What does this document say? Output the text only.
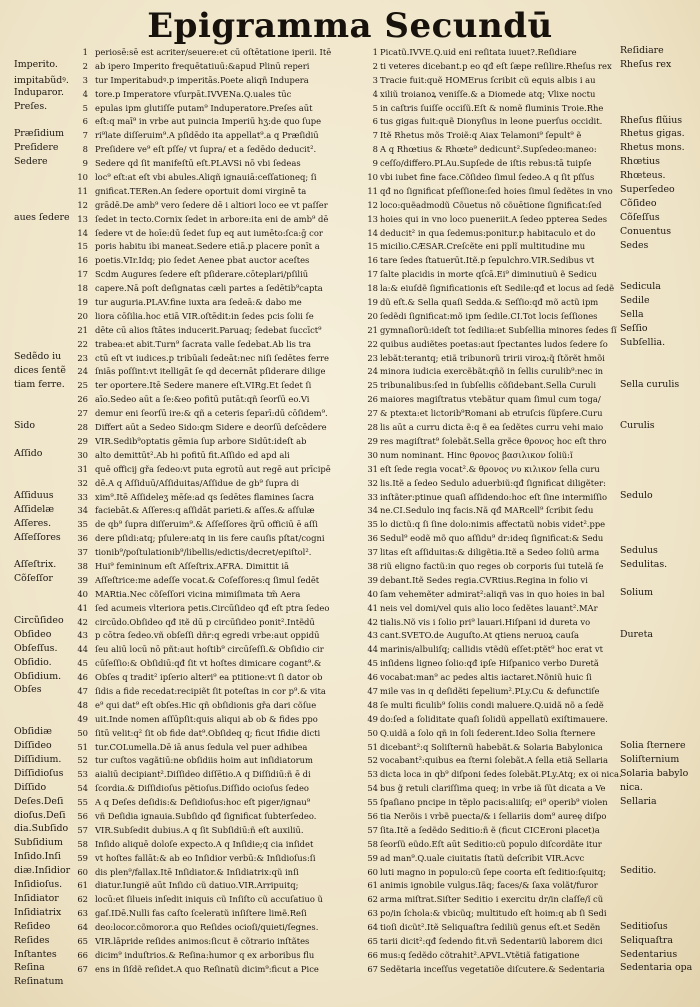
Epigramma Secundū
Imperito.
impitabũdꝰ.
Induparor.
Preſes.
Præſidium
Preſidere
Sedere
aues ſedere
Sedẽdo iu
dices ſentẽ
tiam ferre.
Sido
Aſſido
Aſſiduus
Aſſidelæ
Aſſeres.
Aſſeſſores
Aſſeſtrix.
Cõſeſſor
Circũſideo
Obſideo
Obſeſſus.
Obſidio.
Obſidium.
Obſes
Obſidiæ
Diſſideo
Diſſidium.
Diſſidioſus
Diſſido
Deſes.Deſi
dioſus.Deſi
dia.Subſido
Subſidium
Inſido.Inſi
diæ.Inſidior
Inſidioſus.
Inſidiator
Inſidiatrix
Reſideo
Reſides
Inſtantes
Reſina
Reſinatum
1
2
3
4
5
6
7
8
9
10
11
12
13
14
15
16
17
18
19
20
21
22
23
24
25
26
27
28
29
30
31
32
33
34
35
36
37
38
39
40
41
42
43
44
45
46
47
48
49
50
51
52
53
54
55
56
57
58
59
60
61
62
63
64
65
66
67
periosē:sē est acriter/seuere:et cū oſtētatione iperii. Itē
ab ipero Imperito frequētatiuū:&apud Plinū reperi
tur Imperitabudꝰ.p imperitās.Poete aliqñ Indupera
tore.p Imperatore vſurpāt.IVVENa.Q.uales tūc
epulas ipm glutiſſe putam⁹ Induperatore.Preſes aūt
eſt:q maī⁹ in vrbe aut puincia Imperiū hʒ:de quo ſupe
ri⁹late diſſeruim⁹.A pſidēdo ita appellat⁹.a q Præſidiū
Preſidere ve⁹ eſt pſſe/ vt ſupra/ et a ſedēdo deducit².
Sedere qd ſit manifeſtū eſt.PLAVSi nō vbi ſedeas
loc⁹ eſt:at eſt vbi abules.Aliqñ ignauiā:ceſſationeq; ſi
gnificat.TERen.An ſedere oportuit domi virginē ta
grādē.De amb⁹ vero ſedere dē i altiori loco ee vt paſſer
ſedet in tecto.Cornix ſedet in arbore:ita eni de amb⁹ dē
ſedere vt de hoīe:dū ſedet ſup eq aut iumēto:ſca:ḡ cor
poris habitu ibi maneat.Sedere etiā.p placere ponīt a
poetis.VIr.Idq; pio ſedet Aenee pbat auctor aceſtes
Scdm Augures ſedere eſt pſiderare.cōteplari/pſiliū
capere.Nā poſt deſignatas cæli partes a ſedētib⁹capta
tur auguria.PLAV.fine iuxta ara ſedeā:& dabo me
liora cōſilia.hoc etiā VIR.oſtēdit:in ſedes pcis ſolii ſe
dēte cū alios ſtātes inducerit.Paruaq; ſedebat ſuccīct⁹
trabea:et abit.Turn⁹ ſacrata valle ſedebat.Ab lis tra
ctū eſt vt iudices.p tribūali ſedeāt:nec niſi ſedētes ferre
ſniās poſſint:vt itelligāt ſe qd decernāt pſiderare dilige
ter oportere.Itē Sedere manere eſt.VIRg.Et ſedet ſi
aīo.Sedeo aūt a ſe:&eo pofitū putāt:qñ ſeorſū eo.Vi
demur eni ſeorſū ire:& qñ a ceteris ſeparī:dū cōſidem⁹.
Differt aūt a Sedeo Sido:qm Sidere e deorſū deſcēdere
VIR.Sedib⁹optatis gēmia ſup arbore Sidūt:ideſt ab
alto demittūt².Ab hi pofitū fit.Aſſido ed apd ali
quē officij gřa ſedeo:vt puta egrotū aut regē aut prīcipē
dē.A q Aſſiduū/Aſſiduitas/Aſſidue de gb⁹ ſupra di
xim⁹.Itē Aſſideleʒ mēſe:ad qs ſedētes flamines ſacra
faciebāt.& Aſſeres:q aſſidāt parieti.& aſſes.& aſſulæ
de qb⁹ ſupra diſſeruim⁹.& Aſſeſſores q̃rū officiū ē aſſi
dere pſidi:atq; pſulere:atq in iis fere cauſis pſtat/cogni
tionib⁹/poſtulationib⁹/libellis/edictis/decret/epiſtol².
Hui⁹ femininum eſt Aſſeſtrix.AFRA. Dimittit iā
Aſſeſtrice:me adeſſe vocat.& Coſeſſores:q ſimul ſedēt
MARtia.Nec cõſeſſori vicina mimiſimata tm̃ Aera
ſed acumeis vlteriora petis.Circūſideo qđ eſt ptra ſedeo
circūdo.Obſideo qđ itẽ dū p circūſideo ponit².Intẽdū
p cōtra ſedeo.vñ obſeſſi dñr:q egredi vrbe:aut oppidū
ſeu aliū locū nō pñt:aut hoſtib⁹ circūſeſſi.& Obſidio cir
cūſeſſio:& Obſidiū:qđ ſit vt hoſtes dimicare cogant⁹.&
Obſes q tradit² ipſerio alteri⁹ ea ptitione:vt ſi dator ob
ſidis a fide recedat:recipiẽt ſit poteſtas in cor p⁹.& vita
e⁹ qui dat⁹ eſt obſes.Hic qñ obſidionis gřa dari cõſue
uit.Inde nomen aſſūpſit:quis aliqui ab ob & fides ppo
ſitū velit:q² ſit ob fide dat⁹.Obſideq q; ficut Ifidie dicti
tur.COLumella.Dē iā anus ſedula vel puer adhibea
tur cuſtos vagãtiū:ne obſidiis hoim aut inſidiatorum
aialiū decipiant².Diſſideo diſſētio.A q Diſſidiū:ñ ē di
ſcordia.& Diſſidioſus pẽtioſus.Diſſido ocioſus ſedeo
A q Deſes deſidis:& Deſidioſus:hoc eſt piger/ignau⁹
vñ Deſidia ignauia.Subſido qđ ſignificat ſubterſedeo.
VIR.Subſedit dubius.A q ſit Subſidiū:ñ eſt auxiliū.
Inſido aliquē doloſe expecto.A q Inſidie;q cia inſidet
vt hoſtes fallāt:& ab eo Inſidior verbū:& Inſidioſus:ſi
dis plen⁹/fallax.Itē Inſidiator.& Inſidiatrix:qũ inſi
diatur.Iungiẽ aūt Inſido cũ datiuo.VIR.Arripuitq;
locū:et ſilueis inſedit iniquis cũ Inſiſto cũ accuſatiuo ũ
gaſ.IDē.Nulli fas caſto ſceleratũ inſiſtere limẽ.Reſi
deo:locor.cõmoror.a quo Reſides ocioſi/quieti/ſegnes.
VIR.lāpride reſides animos:ſicut ẽ cõtrario inſtãtes
dicim⁹ induſtrios.& Reſina:humor q ex arboribus flu
ens in ſiſdẽ reſidet.A quo Reſinatũ dicim⁹:ficut a Pice
1
2
3
4
5
6
7
8
9
10
11
12
13
14
15
16
17
18
19
20
21
22
23
24
25
26
27
28
29
30
31
32
33
34
35
36
37
38
39
40
41
42
43
44
45
46
47
48
49
50
51
52
53
54
55
56
57
58
59
60
61
62
63
64
65
66
67
Picatũ.IVVE.Q.uid eni reſitata iuuet?.Reſidiare
ti veteres dicebant.p eo qđ eſt ſæpe reſilire.Rheſus rex
Tracie fuit:quẽ HOMErus ſcribit cũ equis albis i au
xiliũ troianoꝝ veniſſe.& a Diomede atq; Vlixe noctu
in caſtris ſuiſſe occiſũ.Eſt & nomẽ fluminis Troie.Rhe
tus gigas fuit:quẽ Dionyſius in leone puerſus occidit.
Itẽ Rhetus mõs Troiẽ:q Aiax Telamoni⁹ ſepult⁹ ẽ
A q Rhœtius & Rhœte⁹ dedicunt².Supſedeo:maneo:
ceſſo/differo.PLAu.Supſede de iſtis rebus:tā tuipſe
vbi iubet fine face.Cõſideo ſimul ſedeo.A q ſit pſſus
qđ no ſignificat pſeſſione:ſed hoies ſimul ſedẽtes in vno
loco:quẽadmodũ Cõuetus nõ cõuētione ſignificat:ſed
hoies qui in vno loco pueneriit.A ſedeo ppterea Sedes
deducit² in qua ſedemus:ponitur.p habitaculo et do
micilio.CÆSAR.Creſcẽte eni pplĩ multitudine mu
tare ſedes ſtatuerūt.Itẽ.p ſepulchro.VIR.Sedibus vt
ſalte placidis in morte qſcā.Ei⁹ diminutiuũ ẽ Sedicu
la:& eiuſdẽ ſignificationis eſt Sedile:qđ et locus ad ſedẽ
dũ eſt.& Sella quaſi Sedda.& Seſſio:qđ mõ actũ ipm
ſedẽdi ſignificat:mõ ipm ſedile.CI.Tot locis ſeſſiones
gymnaſiorũ:ideſt tot ſedilia:et Subſellia minores ſedes ſĩ
quibus audiẽtes poetas:aut ſpectantes ludos ſedere ſo
lebãt:terantq; etiã tribunorũ tririi viroꝝ:q̃ ſtõrẽt hmõi
minora iudicia exercẽbãt:qñõ in ſellis curulib⁹:nec in
tribunalibus:ſed in ſubſellis cõſidebant.Sella Curuli
maiores magiſtratus vtebãtur quam ſimul cum toga/
& ptexta:et lictorib⁹Romani ab etruſcis ſũpſere.Curu
lis aūt a curru dicta ẽ:q ẽ ea ſedẽtes curru vehi maio
res magiſtrat⁹ ſolebãt.Sella grẽce θρονος hoc eſt thro
num nominant. Hinc θρονος βασιλικον ſoliũ:ĩ
eſt ſede regia vocat².& θρονος νυ κιλικον ſella curu
lis.Itẽ a ſedeo Sedulo aduerbiũ:qđ ſignificat diligẽter:
inſtãter:ptinue quaſi aſſidendo:hoc eſt ſine intermiſſio
ne.CI.Sedulo inq facis.Nã qđ MARcell⁹ ſcribit ſedu
lo dictũ:q ſi ſine dolo:nimis affectatũ nobis videt².ppe
Sedul⁹ eodẽ mõ quo aſſidu⁹ dr:ideq ſignificat:& Sedu
litas eſt aſſiduitas:& diligẽtia.Itẽ a Sedeo ſoliũ arma
riũ eligno factũ:in quo reges ob corporis ſui tutelã ſe
debant.Itẽ Sedes regia.CVRtius.Regina in folio vi
ſam vehemẽter admirat²:aliqñ vas in quo hoies in bal
neis vel domi/vel quis alio loco ſedẽtes lauant².MAr
tialis.Nõ vis i ſolio pri⁹ lauari.Hiſpani id dureta vo
cant.SVETO.de Auguſto.At qtiens neruoꝝ cauſa
marinis/albuliſq; callidis vtẽdũ eſſet:ptẽt⁹ hoc erat vt
inſidens ligneo ſolio:qđ ipſe Hiſpanico verbo Duretã
vocabat:man⁹ ac pedes altis iactaret.Nõniũ huic ſi
mile vas in q deſidẽti ſepelium².PLy.Cu & defunctiſe
ſe multi ficulib⁹ ſoliis condi maluere.Q.uidã nõ a ſedẽ
do:ſed a ſoliditate quaſi ſolidũ appellatũ exiſtimauere.
Q.uidã a ſolo qñ in ſoli ſederent.Ideo Solia ſternere
dicebant²:q Soliſternũ habebãt.& Solaria Babylonica
vocabant²:quibus ea ſterni ſolebãt.A ſella etiã Sellaria
dicta loca in qb⁹ diſponi ſedes ſolebãt.PLy.Atq; ex oi nica.
bus g̃ retuli clariſſima queq; in vrbe iã ſũt dicata a Ve
ſpaſiano pncipe in tẽplo pacis:aliiſq; ei⁹ operib⁹ violen
tia Nerõis i vrbẽ puecta/& i ſellariis dom⁹ aureę diſpo
ſita.Itẽ a ſedẽdo Seditio:ñ ẽ (ficut CICEroni placet)a
ſeorſũ eũdo.Eſt aūt Seditio:cũ populo diſcordãte itur
ad man⁹.Q.uale ciuitatis ſtatũ deſcribit VIR.Acvc
luti magno in populo:cũ ſepe coorta eſt ſeditio:ſęuitq;
animis ignobile vulgus.Iãq; faces/& ſaxa volãt/furor
arma miſtrat.Siſter Seditio i exercitu dr/in claſſe/ĩ cũ
po/in ſchola:& vbicũq; multitudo eſt hoim:q ab ſi Sedi
tioſi dicũt².Itẽ Seliquaſtra ſediliũ genus eſt.et Sedẽn
tarii dicit²:qđ ſedendo fit.vñ Sedentariũ laborem dici
mus:q ſedẽdo cõtrahit².APVL.Vtẽtiã fatigatione
Sedẽtaria inceſſus vegetatiõe diſcutere.& Sedentaria
Reſidiare
Rheſus rex
Rheſus flũius
Rhetus gigas.
Rhetus mons.
Rhœtius
Rhœteus.
Superſedeo
Cõſideo
Cõſeſſus
Conuentus
Sedes
Sedicula
Sedile
Sella
Seſſio
Subſellia.
Sella curulis
Curulis
Sedulo
Sedulus
Sedulitas.
Solium
Dureta
Solia ſternere
Soliſternium
Solaria babylo
nica.
Sellaria
Seditio.
Seditioſus
Seliquaſtra
Sedentarius
Sedentaria opa
